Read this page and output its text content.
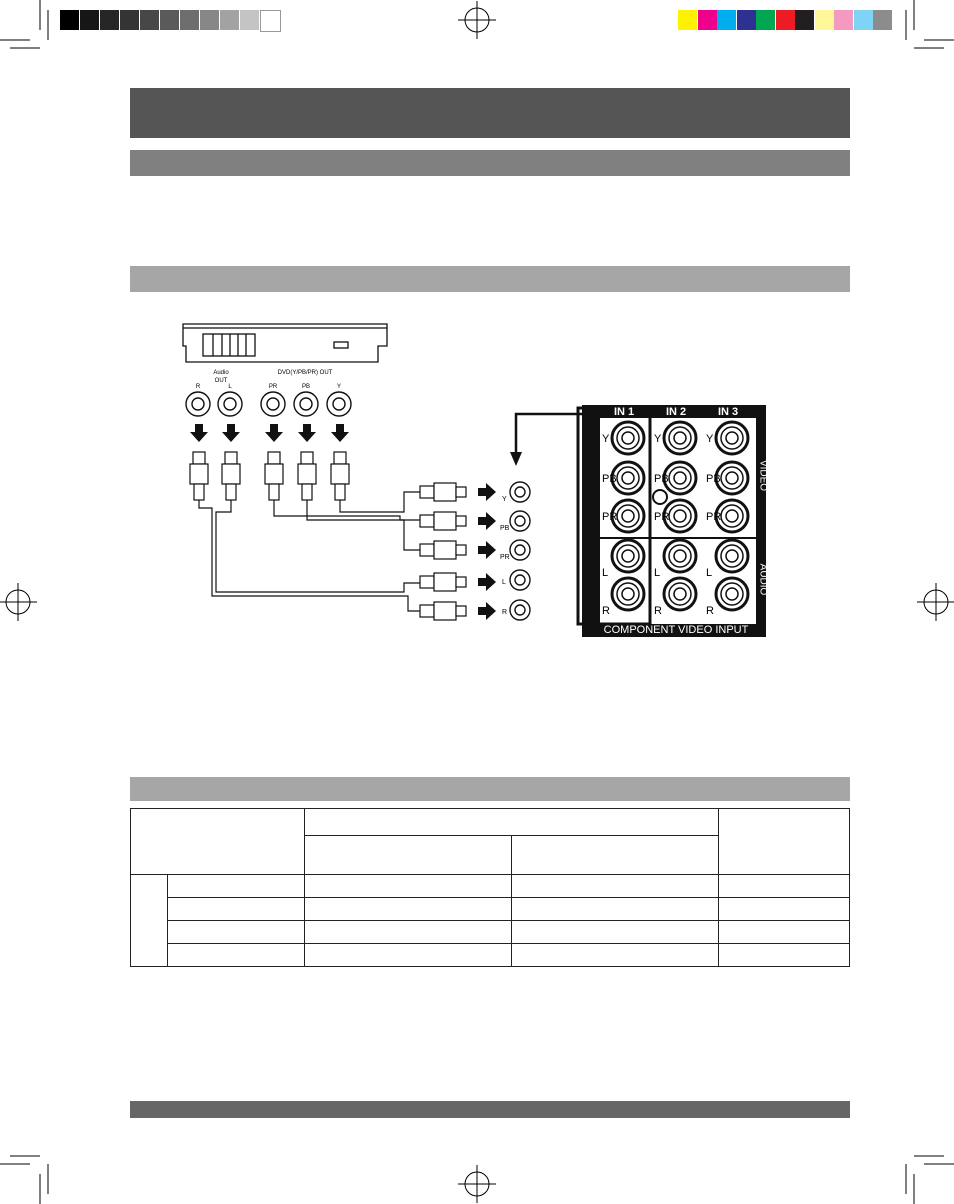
Audio
OUT
DVD(Y/PB/PR) OUT
R	L	PR	PB	Y
Y
PB
PR
L
R
Y
PB
PR
L
R
Y
PB
PR
L
R
Y
PB
PR
L
R
IN 1	IN 2	IN 3
VIDEO
AUDIO
COMPONENT VIDEO INPUT
